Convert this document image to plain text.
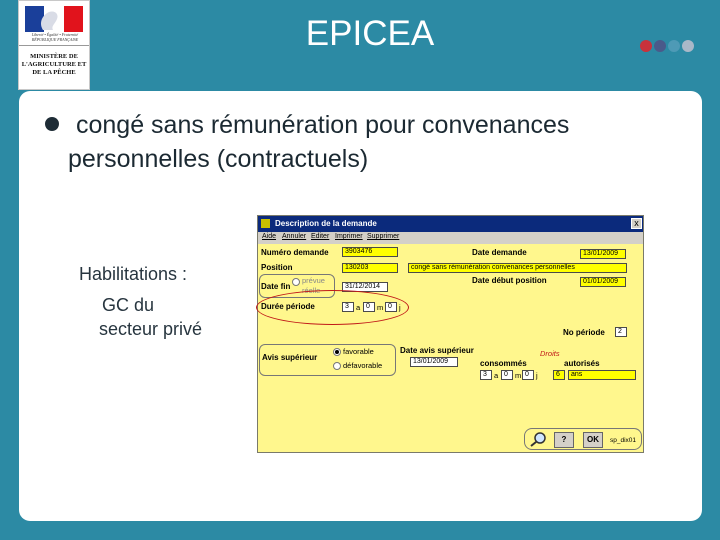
Liberté • Égalité • Fraternité RÉPUBLIQUE FRANÇAISE
MINISTÈRE DE L'AGRICULTURE ET DE LA PÊCHE
EPICEA
congé sans rémunération pour convenances
personnelles (contractuels)
Habilitations :
GC du
secteur privé
Description de la demande	x
Aide Annuler Editer Imprimer Supprimer
Numéro demande	3903476	Date demande	13/01/2009
Position	130203	congé sans rémunération convenances personnelles
Date fin
prévue
réelle	31/12/2014
Date début position	01/01/2009
Durée période	3 a 0 m 0 j
No période	2
Avis supérieur
favorable
défavorable
Date avis supérieur
13/01/2009
Droits
consommés	autorisés
3 a 0 m 0 j	6	ans
?	OK	sp_dix01
